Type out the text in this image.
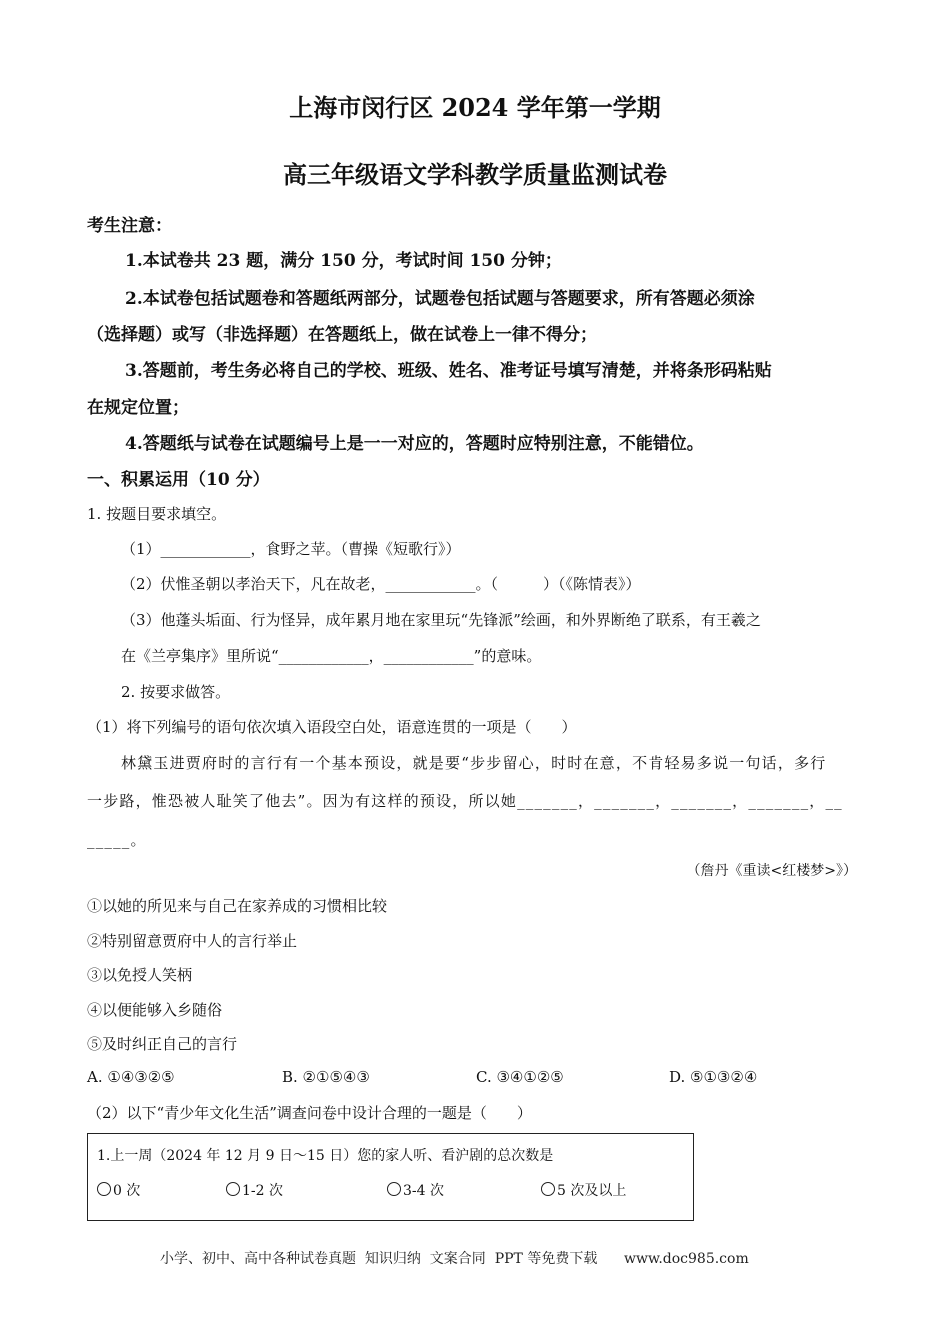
上海市闵行区 2024 学年第一学期
高三年级语文学科教学质量监测试卷
考生注意：
1.本试卷共 23 题，满分 150 分，考试时间 150 分钟；
2.本试卷包括试题卷和答题纸两部分，试题卷包括试题与答题要求，所有答题必须涂
（选择题）或写（非选择题）在答题纸上，做在试卷上一律不得分；
3.答题前，考生务必将自己的学校、班级、姓名、准考证号填写清楚，并将条形码粘贴
在规定位置；
4.答题纸与试卷在试题编号上是一一对应的，答题时应特别注意，不能错位。
一、积累运用（10 分）
1. 按题目要求填空。
（1）____________，食野之苹。（曹操《短歌行》）
（2）伏惟圣朝以孝治天下，凡在故老，____________。（　　　）（《陈情表》）
（3）他蓬头垢面、行为怪异，成年累月地在家里玩“先锋派”绘画，和外界断绝了联系，有王羲之
在《兰亭集序》里所说“____________，____________”的意味。
2. 按要求做答。
（1）将下列编号的语句依次填入语段空白处，语意连贯的一项是（　　）
林黛玉进贾府时的言行有一个基本预设，就是要“步步留心，时时在意，不肯轻易多说一句话，多行
一步路，惟恐被人耻笑了他去”。因为有这样的预设，所以她_______，_______，_______，_______，__
_____。
（詹丹《重读<红楼梦>》）
①以她的所见来与自己在家养成的习惯相比较
②特别留意贾府中人的言行举止
③以免授人笑柄
④以便能够入乡随俗
⑤及时纠正自己的言行
A. ①④③②⑤	B. ②①⑤④③	C. ③④①②⑤	D. ⑤①③②④
（2）以下“青少年文化生活”调查问卷中设计合理的一题是（　　）
1.上一周（2024 年 12 月 9 日～15 日）您的家人听、看沪剧的总次数是
0 次	1-2 次	3-4 次	5 次及以上
小学、初中、高中各种试卷真题  知识归纳  文案合同  PPT 等免费下载      www.doc985.com
